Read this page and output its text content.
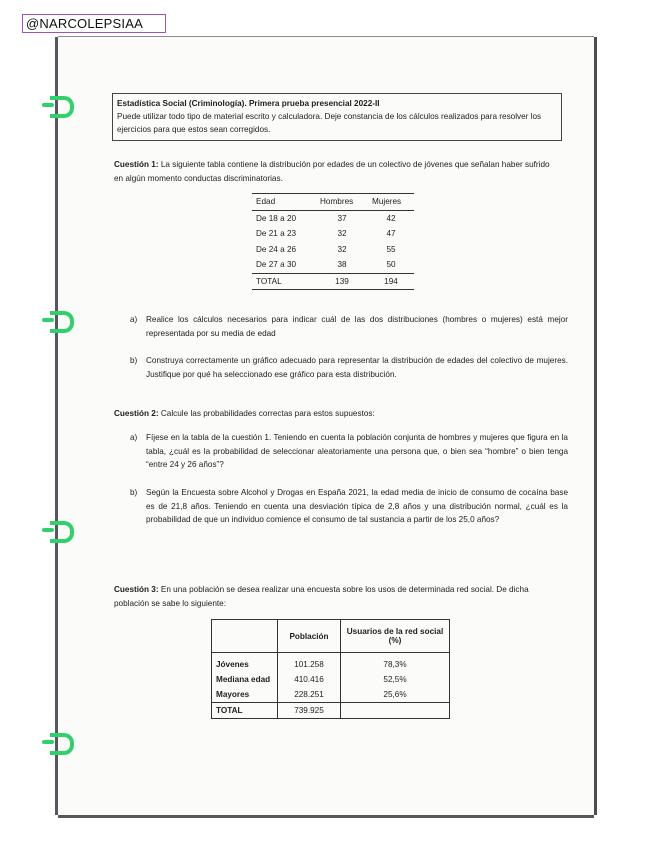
@NARCOLEPSIAA
Estadística Social (Criminología). Primera prueba presencial 2022-II
Puede utilizar todo tipo de material escrito y calculadora. Deje constancia de los cálculos realizados para resolver los ejercicios para que estos sean corregidos.
Cuestión 1: La siguiente tabla contiene la distribución por edades de un colectivo de jóvenes que señalan haber sufrido en algún momento conductas discriminatorias.
Edad	Hombres	Mujeres
De 18 a 20	37	42
De 21 a 23	32	47
De 24 a 26	32	55
De 27 a 30	38	50
TOTAL	139	194
a) Realice los cálculos necesarios para indicar cuál de las dos distribuciones (hombres o mujeres) está mejor representada por su media de edad
b) Construya correctamente un gráfico adecuado para representar la distribución de edades del colectivo de mujeres. Justifique por qué ha seleccionado ese gráfico para esta distribución.
Cuestión 2: Calcule las probabilidades correctas para estos supuestos:
a) Fíjese en la tabla de la cuestión 1. Teniendo en cuenta la población conjunta de hombres y mujeres que figura en la tabla, ¿cuál es la probabilidad de seleccionar aleatoriamente una persona que, o bien sea “hombre” o bien tenga “entre 24 y 26 años”?
b) Según la Encuesta sobre Alcohol y Drogas en España 2021, la edad media de inicio de consumo de cocaína base es de 21,8 años. Teniendo en cuenta una desviación típica de 2,8 años y una distribución normal, ¿cuál es la probabilidad de que un individuo comience el consumo de tal sustancia a partir de los 25,0 años?
Cuestión 3: En una población se desea realizar una encuesta sobre los usos de determinada red social. De dicha población se sabe lo siguiente:
	Población	Usuarios de la red social (%)
Jóvenes	101.258	78,3%
Mediana edad	410.416	52,5%
Mayores	228.251	25,6%
TOTAL	739.925	
